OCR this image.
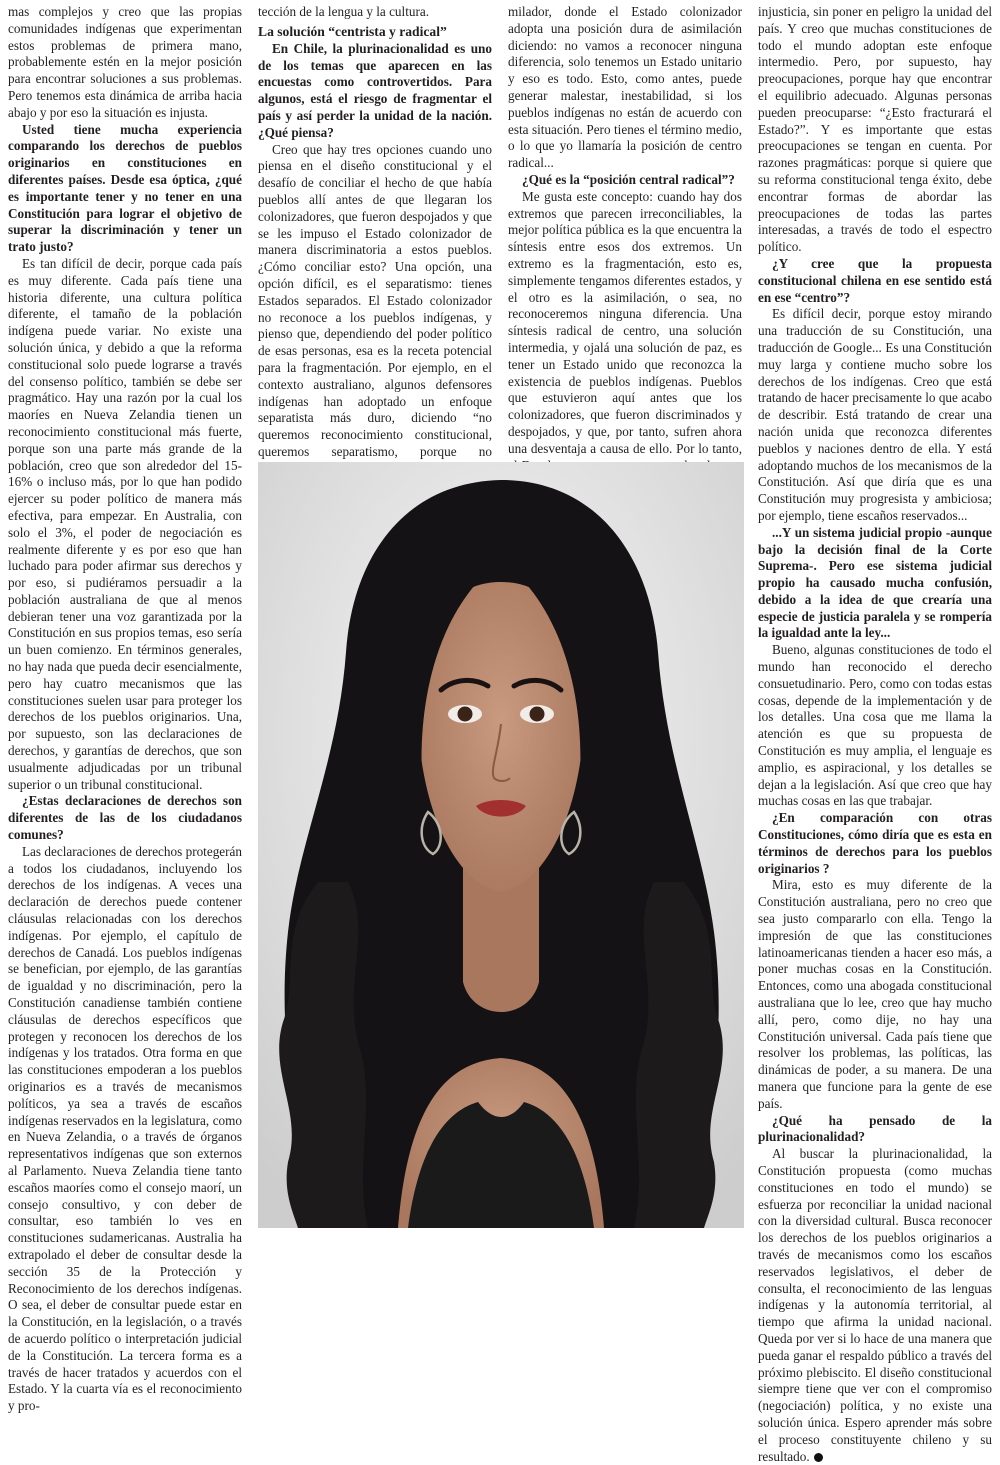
mas complejos y creo que las propias comunidades indígenas que experimentan estos problemas de primera mano, probablemente estén en la mejor posición para encontrar soluciones a sus problemas. Pero tenemos esta dinámica de arriba hacia abajo y por eso la situación es injusta.

Usted tiene mucha experiencia comparando los derechos de pueblos originarios en constituciones en diferentes países. Desde esa óptica, ¿qué es importante tener y no tener en una Constitución para lograr el objetivo de superar la discriminación y tener un trato justo?

Es tan difícil de decir, porque cada país es muy diferente. Cada país tiene una historia diferente, una cultura política diferente, el tamaño de la población indígena puede variar. No existe una solución única, y debido a que la reforma constitucional solo puede lograrse a través del consenso político, también se debe ser pragmático. Hay una razón por la cual los maoríes en Nueva Zelandia tienen un reconocimiento constitucional más fuerte, porque son una parte más grande de la población, creo que son alrededor del 15-16% o incluso más, por lo que han podido ejercer su poder político de manera más efectiva, para empezar. En Australia, con solo el 3%, el poder de negociación es realmente diferente y es por eso que han luchado para poder afirmar sus derechos y por eso, si pudiéramos persuadir a la población australiana de que al menos debieran tener una voz garantizada por la Constitución en sus propios temas, eso sería un buen comienzo. En términos generales, no hay nada que pueda decir esencialmente, pero hay cuatro mecanismos que las constituciones suelen usar para proteger los derechos de los pueblos originarios. Una, por supuesto, son las declaraciones de derechos, y garantías de derechos, que son usualmente adjudicadas por un tribunal superior o un tribunal constitucional.

¿Estas declaraciones de derechos son diferentes de las de los ciudadanos comunes?

Las declaraciones de derechos protegerán a todos los ciudadanos, incluyendo los derechos de los indígenas. A veces una declaración de derechos puede contener cláusulas relacionadas con los derechos indígenas. Por ejemplo, el capítulo de derechos de Canadá. Los pueblos indígenas se benefician, por ejemplo, de las garantías de igualdad y no discriminación, pero la Constitución canadiense también contiene cláusulas de derechos específicos que protegen y reconocen los derechos de los indígenas y los tratados. Otra forma en que las constituciones empoderan a los pueblos originarios es a través de mecanismos políticos, ya sea a través de escaños indígenas reservados en la legislatura, como en Nueva Zelandia, o a través de órganos representativos indígenas que son externos al Parlamento. Nueva Zelandia tiene tanto escaños maoríes como el consejo maorí, un consejo consultivo, y con deber de consultar, eso también lo ves en constituciones sudamericanas. Australia ha extrapolado el deber de consultar desde la sección 35 de la Protección y Reconocimiento de los derechos indígenas. O sea, el deber de consultar puede estar en la Constitución, en la legislación, o a través de acuerdo político o interpretación judicial de la Constitución. La tercera forma es a través de hacer tratados y acuerdos con el Estado. Y la cuarta vía es el reconocimiento y pro-

tección de la lengua y la cultura.

La solución “centrista y radical”

En Chile, la plurinacionalidad es uno de los temas que aparecen en las encuestas como controvertidos. Para algunos, está el riesgo de fragmentar el país y así perder la unidad de la nación. ¿Qué piensa?

Creo que hay tres opciones cuando uno piensa en el diseño constitucional y el desafío de conciliar el hecho de que había pueblos allí antes de que llegaran los colonizadores, que fueron despojados y que se les impuso el Estado colonizador de manera discriminatoria a estos pueblos. ¿Cómo conciliar esto? Una opción, una opción difícil, es el separatismo: tienes Estados separados. El Estado colonizador no reconoce a los pueblos indígenas, y pienso que, dependiendo del poder político de esas personas, esa es la receta potencial para la fragmentación. Por ejemplo, en el contexto australiano, algunos defensores indígenas han adoptado un enfoque separatista más duro, diciendo “no queremos reconocimiento constitucional, queremos separatismo, porque no

milador, donde el Estado colonizador adopta una posición dura de asimilación diciendo: no vamos a reconocer ninguna diferencia, solo tenemos un Estado unitario y eso es todo. Esto, como antes, puede generar malestar, inestabilidad, si los pueblos indígenas no están de acuerdo con esta situación. Pero tienes el término medio, o lo que yo llamaría la posición de centro radical...

¿Qué es la “posición central radical”?

Me gusta este concepto: cuando hay dos extremos que parecen irreconciliables, la mejor política pública es la que encuentra la síntesis entre esos dos extremos. Un extremo es la fragmentación, esto es, simplemente tengamos diferentes estados, y el otro es la asimilación, o sea, no reconoceremos ninguna diferencia. Una síntesis radical de centro, una solución intermedia, y ojalá una solución de paz, es tener un Estado unido que reconozca la existencia de pueblos indígenas. Pueblos que estuvieron aquí antes que los colonizadores, que fueron discriminados y despojados, y que, por tanto, sufren ahora una desventaja a causa de ello. Por lo tanto,

injusticia, sin poner en peligro la unidad del país. Y creo que muchas constituciones de todo el mundo adoptan este enfoque intermedio. Pero, por supuesto, hay preocupaciones, porque hay que encontrar el equilibrio adecuado. Algunas personas pueden preocuparse: “¿Esto fracturará el Estado?”. Y es importante que estas preocupaciones se tengan en cuenta. Por razones pragmáticas: porque si quiere que su reforma constitucional tenga éxito, debe encontrar formas de abordar las preocupaciones de todas las partes interesadas, a través de todo el espectro político.

¿Y cree que la propuesta constitucional chilena en ese sentido está en ese “centro”?

Es difícil decir, porque estoy mirando una traducción de su Constitución, una traducción de Google... Es una Constitución muy larga y contiene mucho sobre los derechos de los indígenas. Creo que está tratando de hacer precisamente lo que acabo de describir. Está tratando de crear una nación unida que reconozca diferentes pueblos y naciones dentro de ella. Y está adoptando muchos de los mecanismos de la Constitución. Así que diría que es una Constitución muy progresista y ambiciosa; por ejemplo, tiene escaños reservados...

...Y un sistema judicial propio -aunque bajo la decisión final de la Corte Suprema-. Pero ese sistema judicial propio ha causado mucha confusión, debido a la idea de que crearía una especie de justicia paralela y se rompería la igualdad ante la ley...

Bueno, algunas constituciones de todo el mundo han reconocido el derecho consuetudinario. Pero, como con todas estas cosas, depende de la implementación y de los detalles. Una cosa que me llama la atención es que su propuesta de Constitución es muy amplia, el lenguaje es amplio, es aspiracional, y los detalles se dejan a la legislación. Así que creo que hay muchas cosas en las que trabajar.

¿En comparación con otras Constituciones, cómo diría que es esta en términos de derechos para los pueblos originarios ?

Mira, esto es muy diferente de la Constitución australiana, pero no creo que sea justo compararlo con ella. Tengo la impresión de que las constituciones latinoamericanas tienden a hacer eso más, a poner muchas cosas en la Constitución. Entonces, como una abogada constitucional australiana que lo lee, creo que hay mucho allí, pero, como dije, no hay una Constitución universal. Cada país tiene que resolver los problemas, las políticas, las dinámicas de poder, a su manera. De una manera que funcione para la gente de ese país.

¿Qué ha pensado de la plurinacionalidad?

Al buscar la plurinacionalidad, la Constitución propuesta (como muchas constituciones en todo el mundo) se esfuerza por reconciliar la unidad nacional con la diversidad cultural. Busca reconocer los derechos de los pueblos originarios a través de mecanismos como los escaños reservados legislativos, el deber de consulta, el reconocimiento de las lenguas indígenas y la autonomía territorial, al tiempo que afirma la unidad nacional. Queda por ver si lo hace de una manera que pueda ganar el respaldo público a través del próximo plebiscito. El diseño constitucional siempre tiene que ver con el compromiso (negociación) política, y no existe una solución única. Espero aprender más sobre el proceso constituyente chileno y su resultado.
